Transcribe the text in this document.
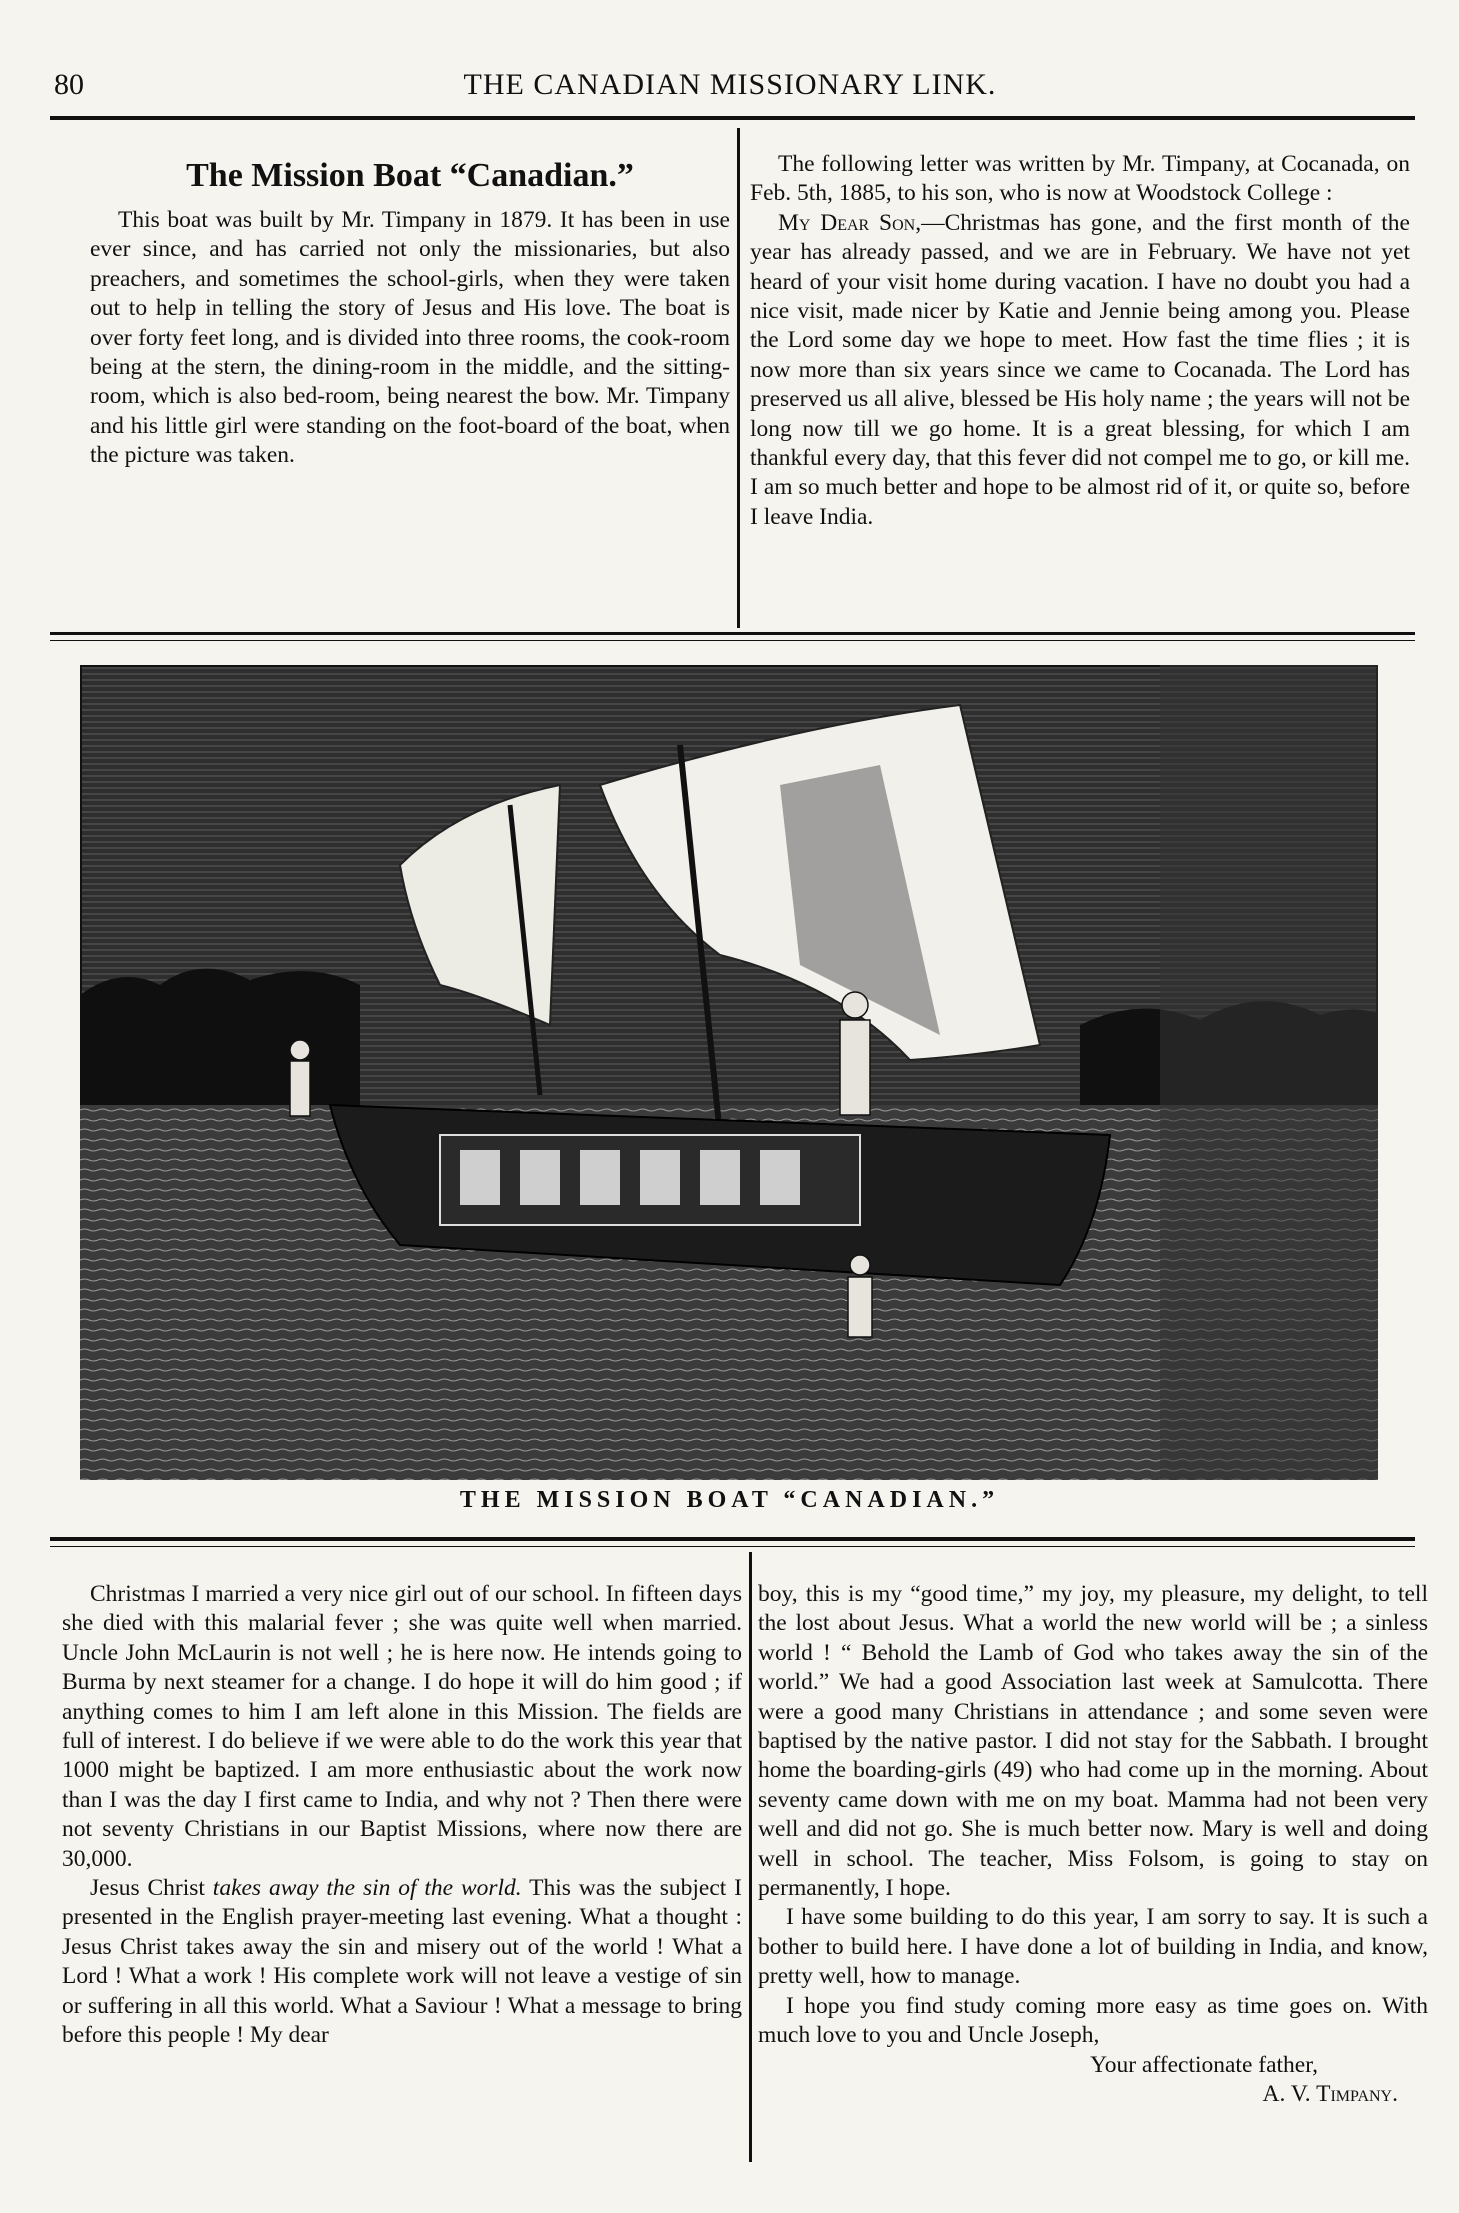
80	THE CANADIAN MISSIONARY LINK.
The Mission Boat “Canadian.”

This boat was built by Mr. Timpany in 1879. It has been in use ever since, and has carried not only the missionaries, but also preachers, and sometimes the school-girls, when they were taken out to help in telling the story of Jesus and His love. The boat is over forty feet long, and is divided into three rooms, the cook-room being at the stern, the dining-room in the middle, and the sitting-room, which is also bed-room, being nearest the bow. Mr. Timpany and his little girl were standing on the foot-board of the boat, when the picture was taken.

The following letter was written by Mr. Timpany, at Cocanada, on Feb. 5th, 1885, to his son, who is now at Woodstock College :

My Dear Son,—Christmas has gone, and the first month of the year has already passed, and we are in February. We have not yet heard of your visit home during vacation. I have no doubt you had a nice visit, made nicer by Katie and Jennie being among you. Please the Lord some day we hope to meet. How fast the time flies ; it is now more than six years since we came to Cocanada. The Lord has preserved us all alive, blessed be His holy name ; the years will not be long now till we go home. It is a great blessing, for which I am thankful every day, that this fever did not compel me to go, or kill me. I am so much better and hope to be almost rid of it, or quite so, before I leave India.

THE MISSION BOAT “CANADIAN.”

Christmas I married a very nice girl out of our school. In fifteen days she died with this malarial fever ; she was quite well when married. Uncle John McLaurin is not well ; he is here now. He intends going to Burma by next steamer for a change. I do hope it will do him good ; if anything comes to him I am left alone in this Mission. The fields are full of interest. I do believe if we were able to do the work this year that 1000 might be baptized. I am more enthusiastic about the work now than I was the day I first came to India, and why not ? Then there were not seventy Christians in our Baptist Missions, where now there are 30,000.

Jesus Christ takes away the sin of the world. This was the subject I presented in the English prayer-meeting last evening. What a thought : Jesus Christ takes away the sin and misery out of the world ! What a Lord ! What a work ! His complete work will not leave a vestige of sin or suffering in all this world. What a Saviour ! What a message to bring before this people ! My dear

boy, this is my “good time,” my joy, my pleasure, my delight, to tell the lost about Jesus. What a world the new world will be ; a sinless world ! “ Behold the Lamb of God who takes away the sin of the world.” We had a good Association last week at Samulcotta. There were a good many Christians in attendance ; and some seven were baptised by the native pastor. I did not stay for the Sabbath. I brought home the boarding-girls (49) who had come up in the morning. About seventy came down with me on my boat. Mamma had not been very well and did not go. She is much better now. Mary is well and doing well in school. The teacher, Miss Folsom, is going to stay on permanently, I hope.

I have some building to do this year, I am sorry to say. It is such a bother to build here. I have done a lot of building in India, and know, pretty well, how to manage.

I hope you find study coming more easy as time goes on. With much love to you and Uncle Joseph,

Your affectionate father,
A. V. Timpany.
